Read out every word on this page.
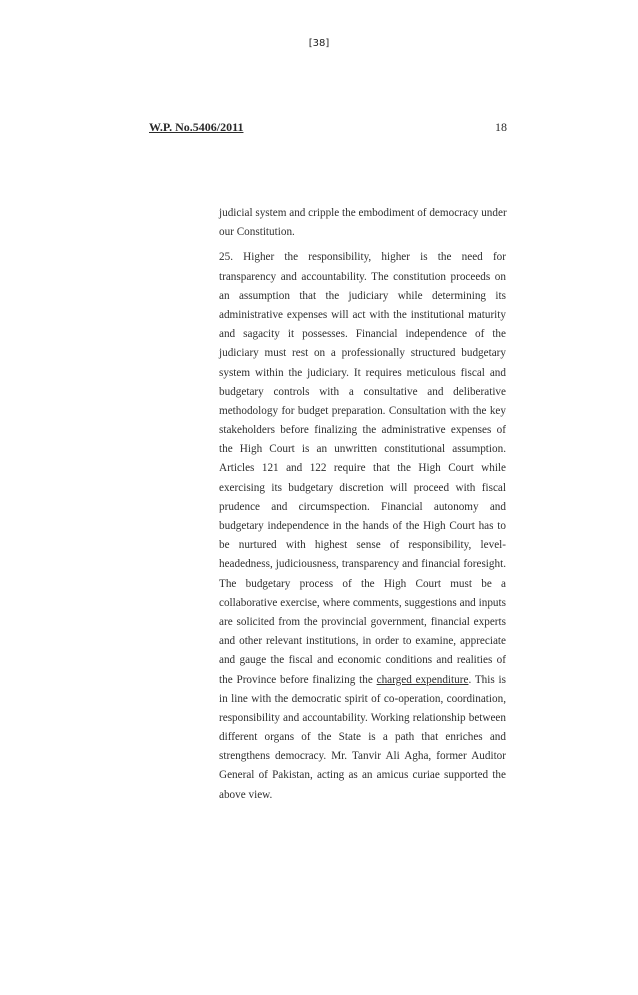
[38]
W.P. No.5406/2011	18
judicial system and cripple the embodiment of democracy under
our Constitution.
25. Higher the responsibility, higher is the need for
transparency and accountability. The constitution proceeds on
an assumption that the judiciary while determining its
administrative expenses will act with the institutional maturity
and sagacity it possesses. Financial independence of the
judiciary must rest on a professionally structured budgetary
system within the judiciary. It requires meticulous fiscal and
budgetary controls with a consultative and deliberative
methodology for budget preparation. Consultation with the key
stakeholders before finalizing the administrative expenses of
the High Court is an unwritten constitutional assumption.
Articles 121 and 122 require that the High Court while
exercising its budgetary discretion will proceed with fiscal
prudence and circumspection. Financial autonomy and
budgetary independence in the hands of the High Court has to
be nurtured with highest sense of responsibility, level-
headedness, judiciousness, transparency and financial foresight.
The budgetary process of the High Court must be a
collaborative exercise, where comments, suggestions and inputs
are solicited from the provincial government, financial experts
and other relevant institutions, in order to examine, appreciate
and gauge the fiscal and economic conditions and realities of
the Province before finalizing the charged expenditure. This is
in line with the democratic spirit of co-operation, coordination,
responsibility and accountability. Working relationship between
different organs of the State is a path that enriches and
strengthens democracy. Mr. Tanvir Ali Agha, former Auditor
General of Pakistan, acting as an amicus curiae supported the
above view.
